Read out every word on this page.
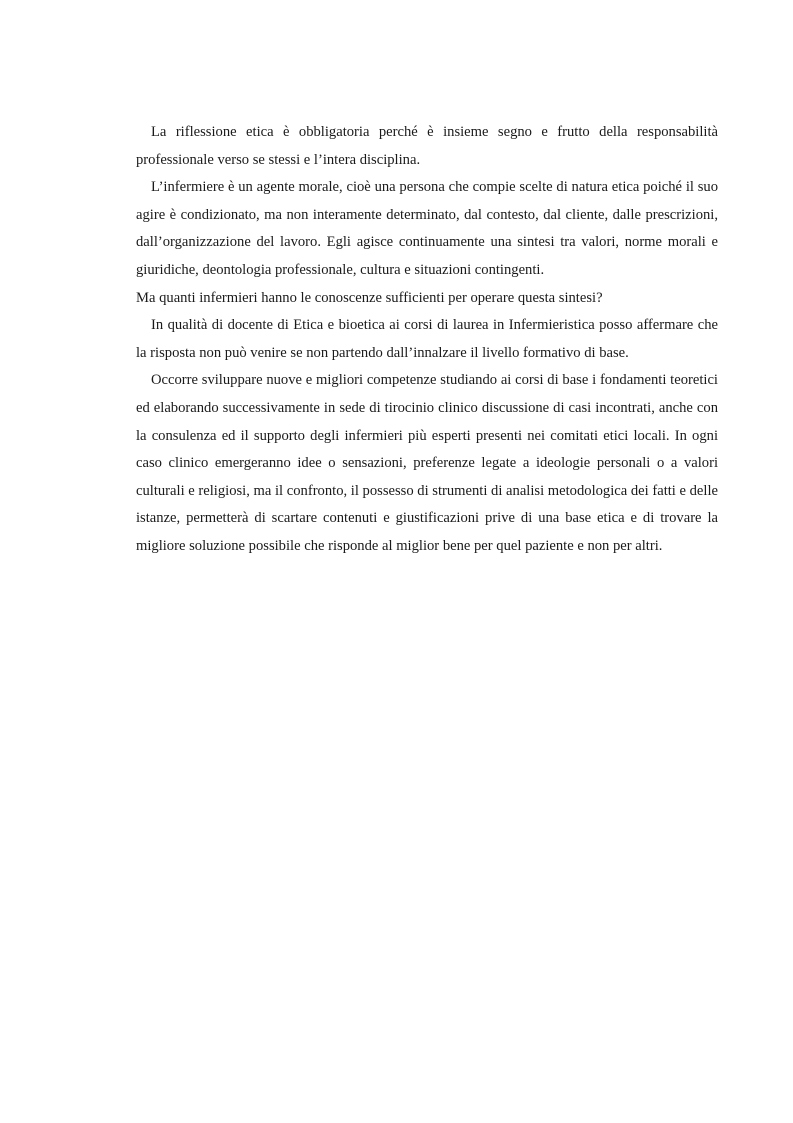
La riflessione etica è obbligatoria perché è insieme segno e frutto della responsabilità professionale verso se stessi e l’intera disciplina.

L’infermiere è un agente morale, cioè una persona che compie scelte di natura etica poiché il suo agire è condizionato, ma non interamente determinato, dal contesto, dal cliente, dalle prescrizioni, dall’organizzazione del lavoro. Egli agisce continuamente una sintesi tra valori, norme morali e giuridiche, deontologia professionale, cultura e situazioni contingenti.

Ma quanti infermieri hanno le conoscenze sufficienti per operare questa sintesi?

In qualità di docente di Etica e bioetica ai corsi di laurea in Infermieristica posso affermare che la risposta non può venire se non partendo dall’innalzare il livello formativo di base.

Occorre sviluppare nuove e migliori competenze studiando ai corsi di base i fondamenti teoretici ed elaborando successivamente in sede di tirocinio clinico discussione di casi incontrati, anche con la consulenza ed il supporto degli infermieri più esperti presenti nei comitati etici locali. In ogni caso clinico emergeranno idee o sensazioni, preferenze legate a ideologie personali o a valori culturali e religiosi, ma il confronto, il possesso di strumenti di analisi metodologica dei fatti e delle istanze, permetterà di scartare contenuti e giustificazioni prive di una base etica e di trovare la migliore soluzione possibile che risponde al miglior bene per quel paziente e non per altri.
